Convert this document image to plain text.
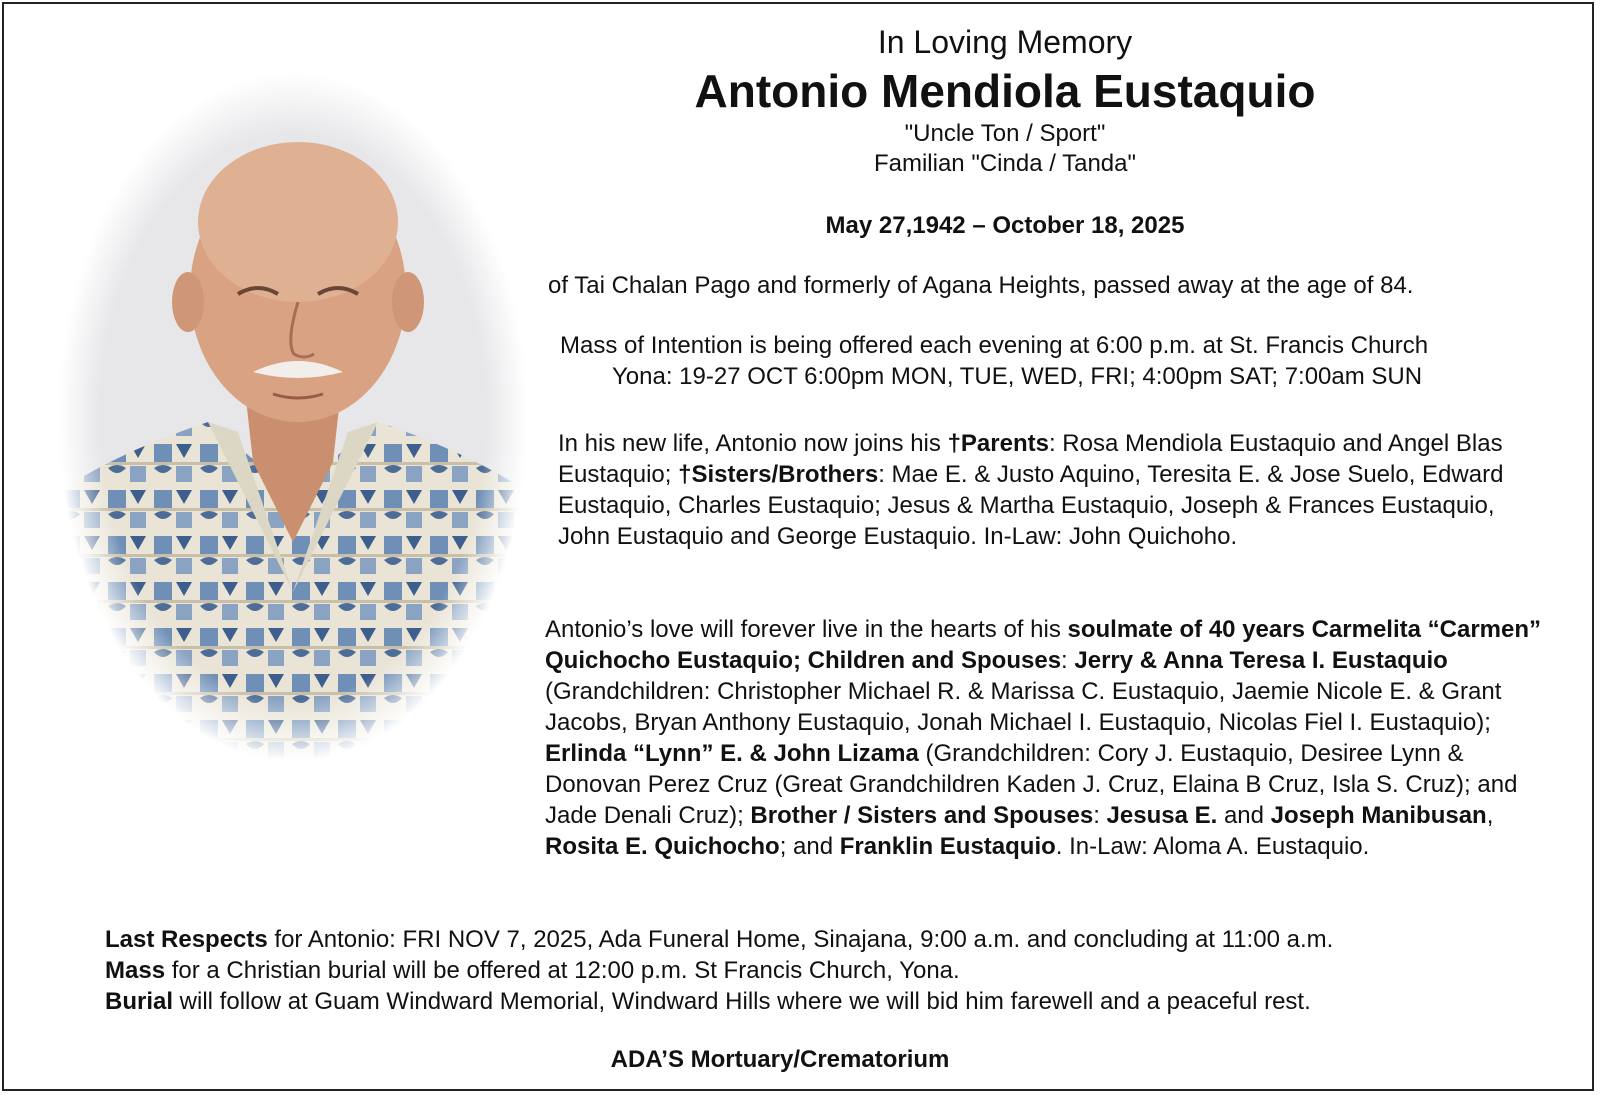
In Loving Memory
Antonio Mendiola Eustaquio
"Uncle Ton / Sport"
Familian "Cinda / Tanda"
May 27,1942 – October 18, 2025
of Tai Chalan Pago and formerly of Agana Heights, passed away at the age of 84.
Mass of Intention is being offered each evening at 6:00 p.m. at St. Francis Church
Yona: 19-27 OCT 6:00pm MON, TUE, WED, FRI; 4:00pm SAT; 7:00am SUN
In his new life, Antonio now joins his †Parents: Rosa Mendiola Eustaquio and Angel Blas Eustaquio; †Sisters/Brothers: Mae E. & Justo Aquino, Teresita E. & Jose Suelo, Edward Eustaquio, Charles Eustaquio; Jesus & Martha Eustaquio, Joseph & Frances Eustaquio, John Eustaquio and George Eustaquio. In-Law: John Quichoho.
Antonio’s love will forever live in the hearts of his soulmate of 40 years Carmelita “Carmen” Quichocho Eustaquio; Children and Spouses: Jerry & Anna Teresa I. Eustaquio (Grandchildren: Christopher Michael R. & Marissa C. Eustaquio, Jaemie Nicole E. & Grant Jacobs, Bryan Anthony Eustaquio, Jonah Michael I. Eustaquio, Nicolas Fiel I. Eustaquio); Erlinda “Lynn” E. & John Lizama (Grandchildren: Cory J. Eustaquio, Desiree Lynn & Donovan Perez Cruz (Great Grandchildren Kaden J. Cruz, Elaina B Cruz, Isla S. Cruz); and Jade Denali Cruz); Brother / Sisters and Spouses: Jesusa E. and Joseph Manibusan, Rosita E. Quichocho; and Franklin Eustaquio. In-Law: Aloma A. Eustaquio.
Last Respects for Antonio: FRI NOV 7, 2025, Ada Funeral Home, Sinajana, 9:00 a.m. and concluding at 11:00 a.m.
Mass for a Christian burial will be offered at 12:00 p.m. St Francis Church, Yona.
Burial will follow at Guam Windward Memorial, Windward Hills where we will bid him farewell and a peaceful rest.
ADA’S Mortuary/Crematorium
